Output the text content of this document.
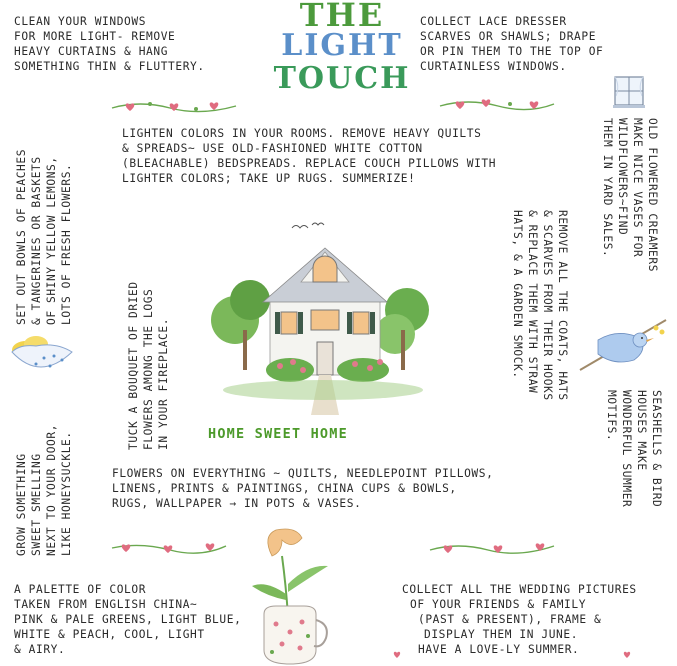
THE
LIGHT
TOUCH
CLEAN YOUR WINDOWS
FOR MORE LIGHT- REMOVE
HEAVY CURTAINS & HANG
SOMETHING THIN & FLUTTERY.
COLLECT LACE DRESSER
SCARVES OR SHAWLS; DRAPE
OR PIN THEM TO THE TOP OF
CURTAINLESS WINDOWS.
LIGHTEN COLORS IN YOUR ROOMS. REMOVE HEAVY QUILTS
& SPREADS~ USE OLD-FASHIONED WHITE COTTON
(BLEACHABLE) BEDSPREADS. REPLACE COUCH PILLOWS WITH
LIGHTER COLORS; TAKE UP RUGS. SUMMERIZE!
SET OUT BOWLS OF PEACHES & TANGERINES OR BASKETS OF SHINY YELLOW LEMONS, LOTS OF FRESH FLOWERS.
GROW SOMETHING SWEET SMELLING NEXT TO YOUR DOOR, LIKE HONEYSUCKLE.
TUCK A BOUQUET OF DRIED FLOWERS AMONG THE LOGS IN YOUR FIREPLACE.	REMOVE ALL THE COATS, HATS
& SCARVES FROM THEIR HOOKS
& REPLACE THEM WITH STRAW
HATS, & A GARDEN SMOCK.
OLD FLOWERED CREAMERS
MAKE NICE VASES FOR
WILDFLOWERS~FIND
THEM IN YARD SALES.
SEASHELLS & BIRD
HOUSES MAKE
WONDERFUL SUMMER
MOTIFS.
FLOWERS ON EVERYTHING ~ QUILTS, NEEDLEPOINT PILLOWS,
LINENS, PRINTS & PAINTINGS, CHINA CUPS & BOWLS,
RUGS, WALLPAPER → IN POTS & VASES.
A PALETTE OF COLOR
TAKEN FROM ENGLISH CHINA~
PINK & PALE GREENS, LIGHT BLUE,
WHITE & PEACH, COOL, LIGHT
& AIRY.
COLLECT ALL THE WEDDING PICTURES
OF YOUR FRIENDS & FAMILY
(PAST & PRESENT), FRAME &
DISPLAY THEM IN JUNE.
HAVE A LOVE-LY SUMMER.
HOME SWEET HOME
